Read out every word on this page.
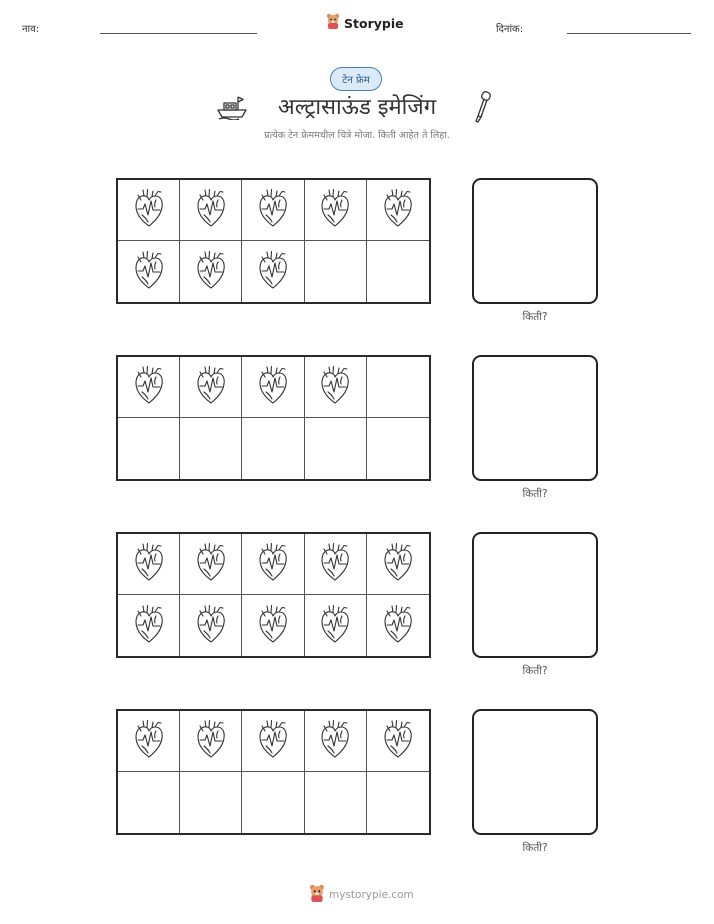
नाव:	Storypie	दिनांक:
टेन फ्रेम
अल्ट्रासाऊंड इमेजिंग
प्रत्येक टेन फ्रेममधील चित्रे मोजा. किती आहेत ते लिहा.
किती?
किती?
किती?
किती?
mystorypie.com
